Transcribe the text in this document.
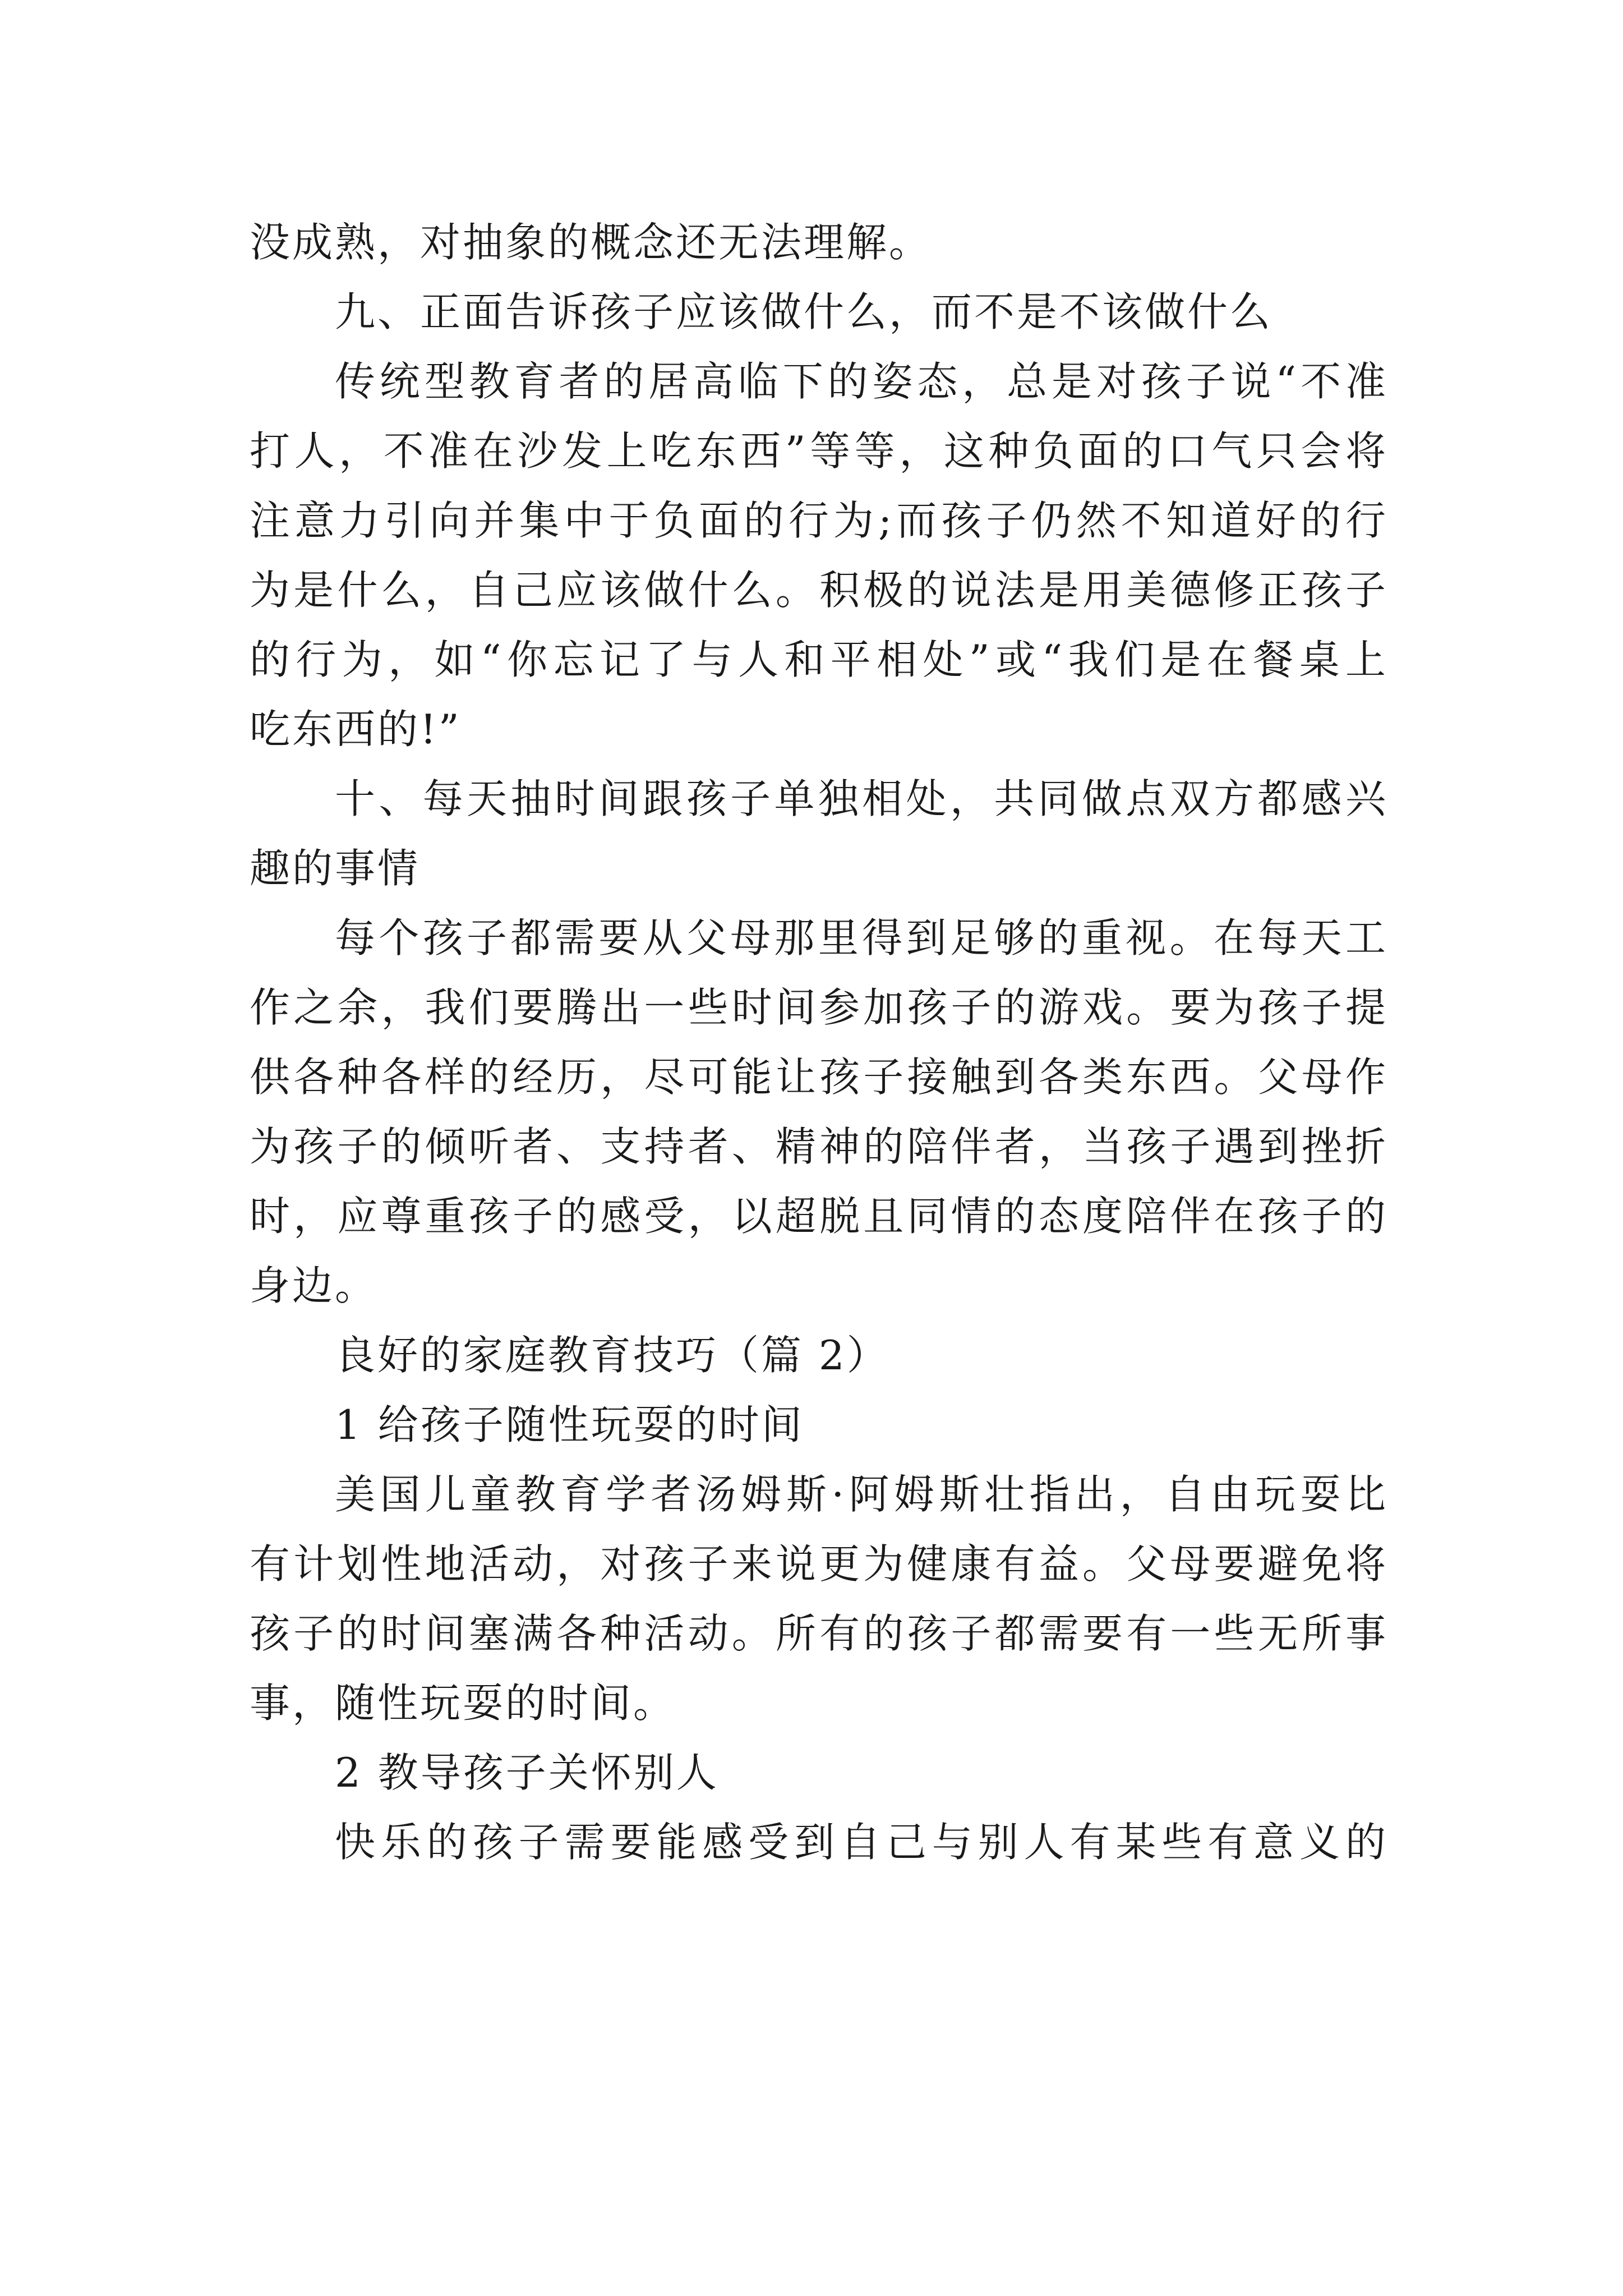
没成熟，对抽象的概念还无法理解。
九、正面告诉孩子应该做什么，而不是不该做什么
传统型教育者的居高临下的姿态，总是对孩子说“不准
打人，不准在沙发上吃东西”等等，这种负面的口气只会将
注意力引向并集中于负面的行为;而孩子仍然不知道好的行
为是什么，自己应该做什么。积极的说法是用美德修正孩子
的行为，如“你忘记了与人和平相处”或“我们是在餐桌上
吃东西的!”
十、每天抽时间跟孩子单独相处，共同做点双方都感兴
趣的事情
每个孩子都需要从父母那里得到足够的重视。在每天工
作之余，我们要腾出一些时间参加孩子的游戏。要为孩子提
供各种各样的经历，尽可能让孩子接触到各类东西。父母作
为孩子的倾听者、支持者、精神的陪伴者，当孩子遇到挫折
时，应尊重孩子的感受，以超脱且同情的态度陪伴在孩子的
身边。
良好的家庭教育技巧（篇 2）
1 给孩子随性玩耍的时间
美国儿童教育学者汤姆斯·阿姆斯壮指出，自由玩耍比
有计划性地活动，对孩子来说更为健康有益。父母要避免将
孩子的时间塞满各种活动。所有的孩子都需要有一些无所事
事，随性玩耍的时间。
2 教导孩子关怀别人
快乐的孩子需要能感受到自己与别人有某些有意义的
